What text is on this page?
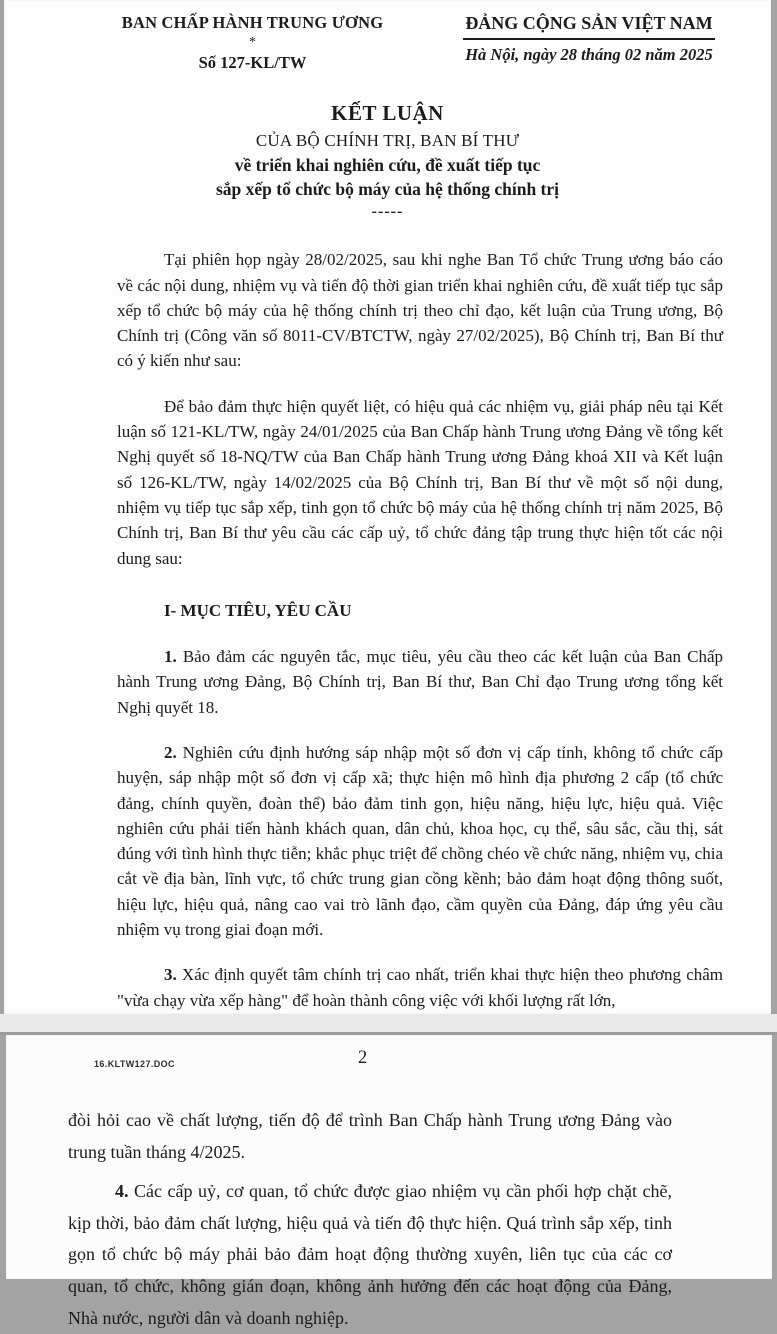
BAN CHẤP HÀNH TRUNG ƯƠNG
*
Số 127-KL/TW
ĐẢNG CỘNG SẢN VIỆT NAM
Hà Nội, ngày 28 tháng 02 năm 2025
KẾT LUẬN
CỦA BỘ CHÍNH TRỊ, BAN BÍ THƯ
về triển khai nghiên cứu, đề xuất tiếp tục
sắp xếp tổ chức bộ máy của hệ thống chính trị
-----

Tại phiên họp ngày 28/02/2025, sau khi nghe Ban Tổ chức Trung ương báo cáo về các nội dung, nhiệm vụ và tiến độ thời gian triển khai nghiên cứu, đề xuất tiếp tục sắp xếp tổ chức bộ máy của hệ thống chính trị theo chỉ đạo, kết luận của Trung ương, Bộ Chính trị (Công văn số 8011-CV/BTCTW, ngày 27/02/2025), Bộ Chính trị, Ban Bí thư có ý kiến như sau:

Để bảo đảm thực hiện quyết liệt, có hiệu quả các nhiệm vụ, giải pháp nêu tại Kết luận số 121-KL/TW, ngày 24/01/2025 của Ban Chấp hành Trung ương Đảng về tổng kết Nghị quyết số 18-NQ/TW của Ban Chấp hành Trung ương Đảng khoá XII và Kết luận số 126-KL/TW, ngày 14/02/2025 của Bộ Chính trị, Ban Bí thư về một số nội dung, nhiệm vụ tiếp tục sắp xếp, tinh gọn tổ chức bộ máy của hệ thống chính trị năm 2025, Bộ Chính trị, Ban Bí thư yêu cầu các cấp uỷ, tổ chức đảng tập trung thực hiện tốt các nội dung sau:

I- MỤC TIÊU, YÊU CẦU

1. Bảo đảm các nguyên tắc, mục tiêu, yêu cầu theo các kết luận của Ban Chấp hành Trung ương Đảng, Bộ Chính trị, Ban Bí thư, Ban Chỉ đạo Trung ương tổng kết Nghị quyết 18.

2. Nghiên cứu định hướng sáp nhập một số đơn vị cấp tỉnh, không tổ chức cấp huyện, sáp nhập một số đơn vị cấp xã; thực hiện mô hình địa phương 2 cấp (tổ chức đảng, chính quyền, đoàn thể) bảo đảm tinh gọn, hiệu năng, hiệu lực, hiệu quả. Việc nghiên cứu phải tiến hành khách quan, dân chủ, khoa học, cụ thể, sâu sắc, cầu thị, sát đúng với tình hình thực tiễn; khắc phục triệt để chồng chéo về chức năng, nhiệm vụ, chia cắt về địa bàn, lĩnh vực, tổ chức trung gian cồng kềnh; bảo đảm hoạt động thông suốt, hiệu lực, hiệu quả, nâng cao vai trò lãnh đạo, cầm quyền của Đảng, đáp ứng yêu cầu nhiệm vụ trong giai đoạn mới.

3. Xác định quyết tâm chính trị cao nhất, triển khai thực hiện theo phương châm "vừa chạy vừa xếp hàng" để hoàn thành công việc với khối lượng rất lớn,

16.KLTW127.DOC	2

đòi hỏi cao về chất lượng, tiến độ để trình Ban Chấp hành Trung ương Đảng vào trung tuần tháng 4/2025.

4. Các cấp uỷ, cơ quan, tổ chức được giao nhiệm vụ cần phối hợp chặt chẽ, kịp thời, bảo đảm chất lượng, hiệu quả và tiến độ thực hiện. Quá trình sắp xếp, tinh gọn tổ chức bộ máy phải bảo đảm hoạt động thường xuyên, liên tục của các cơ quan, tổ chức, không gián đoạn, không ảnh hưởng đến các hoạt động của Đảng, Nhà nước, người dân và doanh nghiệp.
